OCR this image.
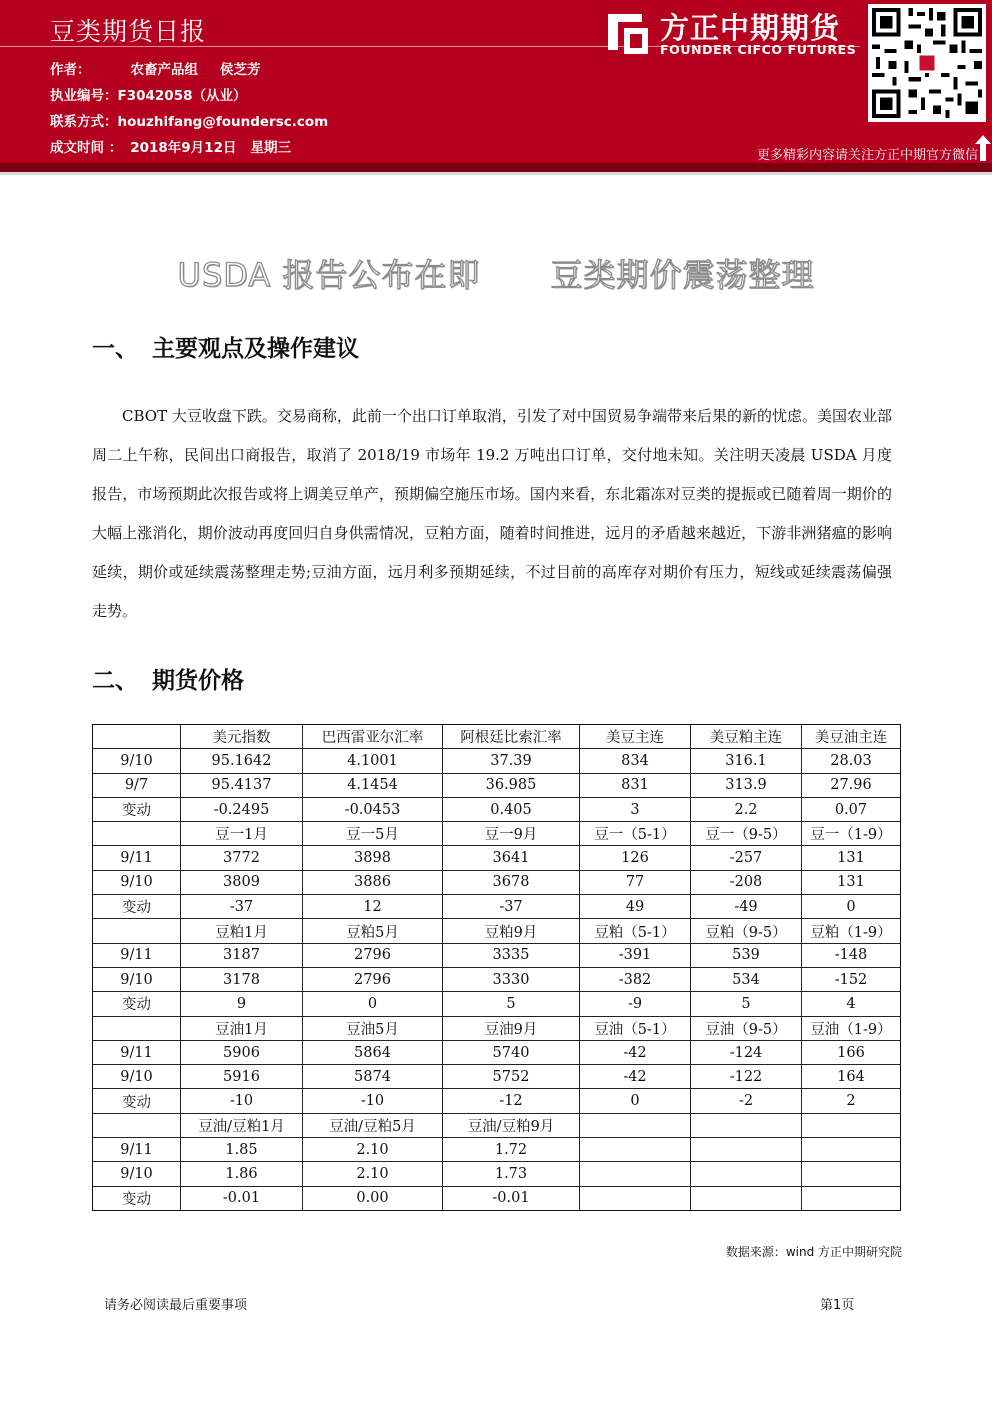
豆类期货日报
作者：	农畜产品组 侯芝芳
执业编号：F3042058（从业）
联系方式：houzhifang@foundersc.com
成文时间 ： 2018年9月12日 星期三
方正中期期货
FOUNDER CIFCO FUTURES
更多精彩内容请关注方正中期官方微信
USDA 报告公布在即 豆类期价震荡整理
一、 主要观点及操作建议
CBOT 大豆收盘下跌。交易商称，此前一个出口订单取消，引发了对中国贸易争端带来后果的新的忧虑。美国农业部周二上午称，民间出口商报告，取消了 2018/19 市场年 19.2 万吨出口订单，交付地未知。关注明天凌晨 USDA 月度报告，市场预期此次报告或将上调美豆单产，预期偏空施压市场。国内来看，东北霜冻对豆类的提振或已随着周一期价的大幅上涨消化，期价波动再度回归自身供需情况，豆粕方面，随着时间推进，远月的矛盾越来越近，下游非洲猪瘟的影响延续，期价或延续震荡整理走势;豆油方面，远月利多预期延续，不过目前的高库存对期价有压力，短线或延续震荡偏强走势。
二、 期货价格
	美元指数	巴西雷亚尔汇率	阿根廷比索汇率	美豆主连	美豆粕主连	美豆油主连
9/10	95.1642	4.1001	37.39	834	316.1	28.03
9/7	95.4137	4.1454	36.985	831	313.9	27.96
变动	-0.2495	-0.0453	0.405	3	2.2	0.07
	豆一1月	豆一5月	豆一9月	豆一（5-1）	豆一（9-5）	豆一（1-9）
9/11	3772	3898	3641	126	-257	131
9/10	3809	3886	3678	77	-208	131
变动	-37	12	-37	49	-49	0
	豆粕1月	豆粕5月	豆粕9月	豆粕（5-1）	豆粕（9-5）	豆粕（1-9）
9/11	3187	2796	3335	-391	539	-148
9/10	3178	2796	3330	-382	534	-152
变动	9	0	5	-9	5	4
	豆油1月	豆油5月	豆油9月	豆油（5-1）	豆油（9-5）	豆油（1-9）
9/11	5906	5864	5740	-42	-124	166
9/10	5916	5874	5752	-42	-122	164
变动	-10	-10	-12	0	-2	2
	豆油/豆粕1月	豆油/豆粕5月	豆油/豆粕9月			
9/11	1.85	2.10	1.72			
9/10	1.86	2.10	1.73			
变动	-0.01	0.00	-0.01			
数据来源：wind 方正中期研究院
请务必阅读最后重要事项	第1页
